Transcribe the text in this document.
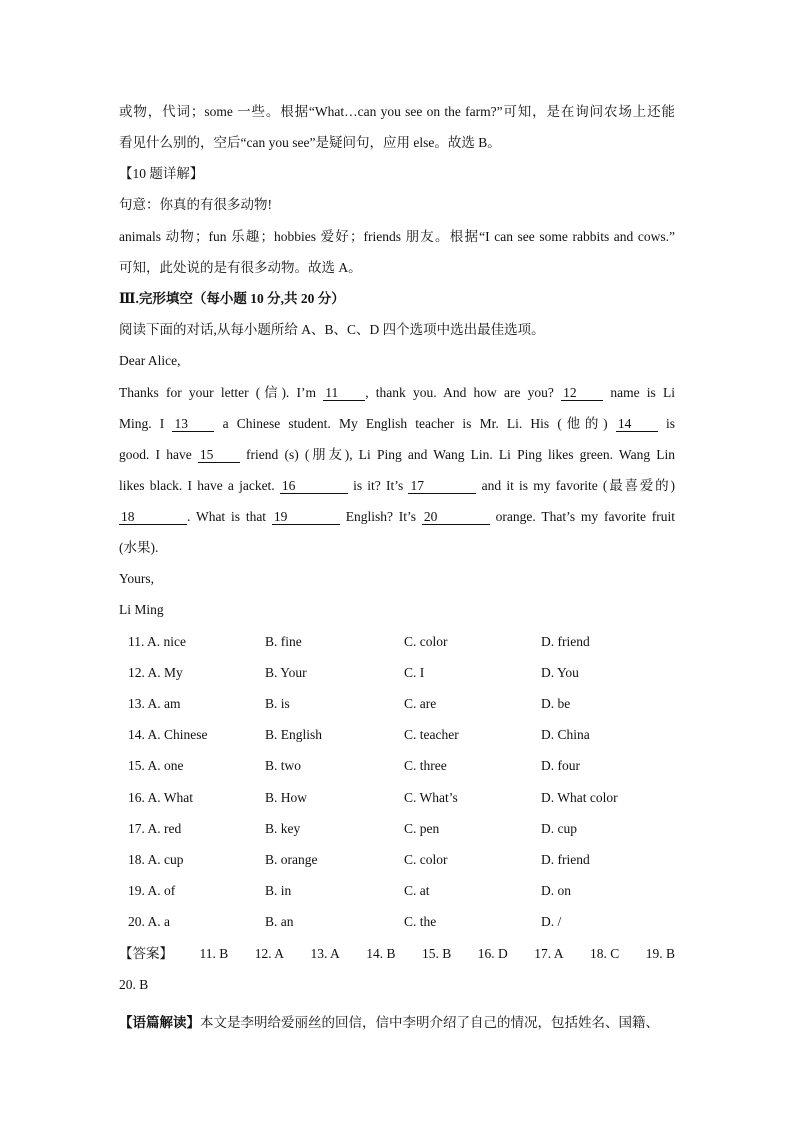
或物，代词；some 一些。根据“What…can you see on the farm?”可知，是在询问农场上还能
看见什么别的，空后“can you see”是疑问句，应用 else。故选 B。
【10 题详解】
句意：你真的有很多动物!
animals 动物；fun 乐趣；hobbies 爱好；friends 朋友。根据“I can see some rabbits and cows.”
可知，此处说的是有很多动物。故选 A。
Ⅲ.完形填空（每小题 10 分,共 20 分）
阅读下面的对话,从每小题所给 A、B、C、D 四个选项中选出最佳选项。
Dear Alice,
Thanks for your letter (信). I’m 11 , thank you. And how are you? 12 name is Li
Ming. I 13 a Chinese student. My English teacher is Mr. Li. His (他的) 14 is
good. I have 15 friend (s) (朋友), Li Ping and Wang Lin. Li Ping likes green. Wang Lin
likes black. I have a jacket. 16	is it? It’s 17	and it is my favorite (最喜爱的)
18	. What is that 19	English? It’s 20	orange. That’s my favorite fruit
(水果).
Yours,
Li Ming
11. A. nice	B. fine	C. color	D. friend
12. A. My	B. Your	C. I	D. You
13. A. am	B. is	C. are	D. be
14. A. Chinese	B. English	C. teacher	D. China
15. A. one	B. two	C. three	D. four
16. A. What	B. How	C. What’s	D. What color
17. A. red	B. key	C. pen	D. cup
18. A. cup	B. orange	C. color	D. friend
19. A. of	B. in	C. at	D. on
20. A. a	B. an	C. the	D. /
【答案】 11. B 12. A 13. A 14. B 15. B 16. D 17. A 18. C 19. B
20. B
【语篇解读】本文是李明给爱丽丝的回信，信中李明介绍了自己的情况，包括姓名、国籍、
